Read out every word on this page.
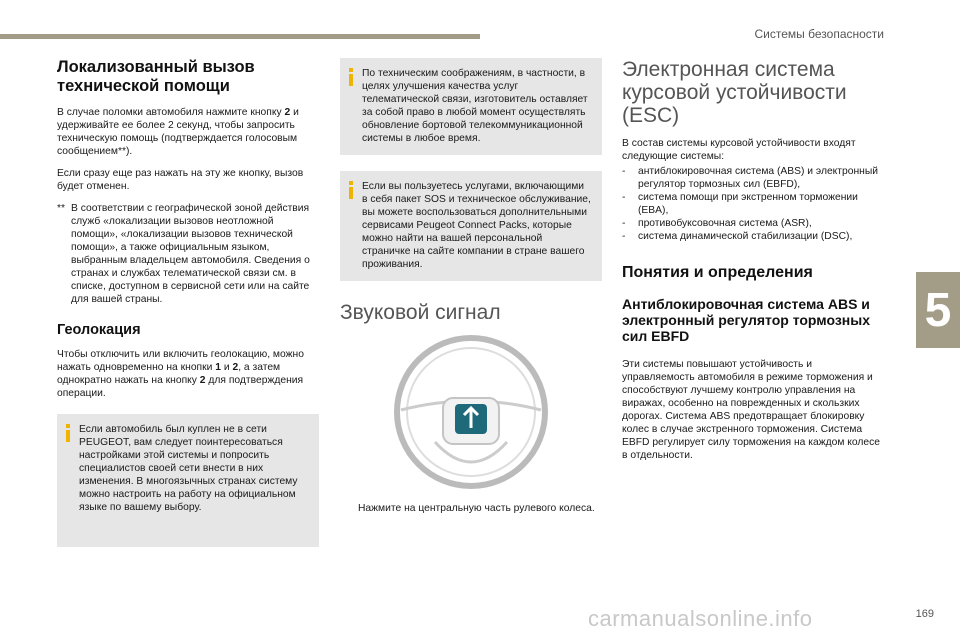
Системы безопасности
5
Локализованный вызов технической помощи

В случае поломки автомобиля нажмите кнопку 2 и удерживайте ее более 2 секунд, чтобы запросить техническую помощь (подтверждается голосовым сообщением**).

Если сразу еще раз нажать на эту же кнопку, вызов будет отменен.

** В соответствии с географической зоной действия служб «локализации вызовов неотложной помощи», «локализации вызовов технической помощи», а также официальным языком, выбранным владельцем автомобиля. Сведения о странах и службах телематической связи см. в списке, доступном в сервисной сети или на сайте для вашей страны.
Геолокация

Чтобы отключить или включить геолокацию, можно нажать одновременно на кнопки 1 и 2, а затем однократно нажать на кнопку 2 для подтверждения операции.

Если автомобиль был куплен не в сети PEUGEOT, вам следует поинтересоваться настройками этой системы и попросить специалистов своей сети внести в них изменения. В многоязычных странах систему можно настроить на работу на официальном языке по вашему выбору.
По техническим соображениям, в частности, в целях улучшения качества услуг телематической связи, изготовитель оставляет за собой право в любой момент осуществлять обновление бортовой телекоммуникационной системы в любое время.
Если вы пользуетесь услугами, включающими в себя пакет SOS и техническое обслуживание, вы можете воспользоваться дополнительными сервисами Peugeot Connect Packs, которые можно найти на вашей персональной страничке на сайте компании в стране вашего проживания.
Звуковой сигнал
Нажмите на центральную часть рулевого колеса.
Электронная система курсовой устойчивости (ESC)

В состав системы курсовой устойчивости входят следующие системы:

- антиблокировочная система (ABS) и электронный регулятор тормозных сил (EBFD),
- система помощи при экстренном торможении (EBA),
- противобуксовочная система (ASR),
- система динамической стабилизации (DSC),
Понятия и определения
Антиблокировочная система ABS и электронный регулятор тормозных сил EBFD

Эти системы повышают устойчивость и управляемость автомобиля в режиме торможения и способствуют лучшему контролю управления на виражах, особенно на поврежденных и скользких дорогах. Система ABS предотвращает блокировку колес в случае экстренного торможения. Система EBFD регулирует силу торможения на каждом колесе в отдельности.

carmanualsonline.info	169
